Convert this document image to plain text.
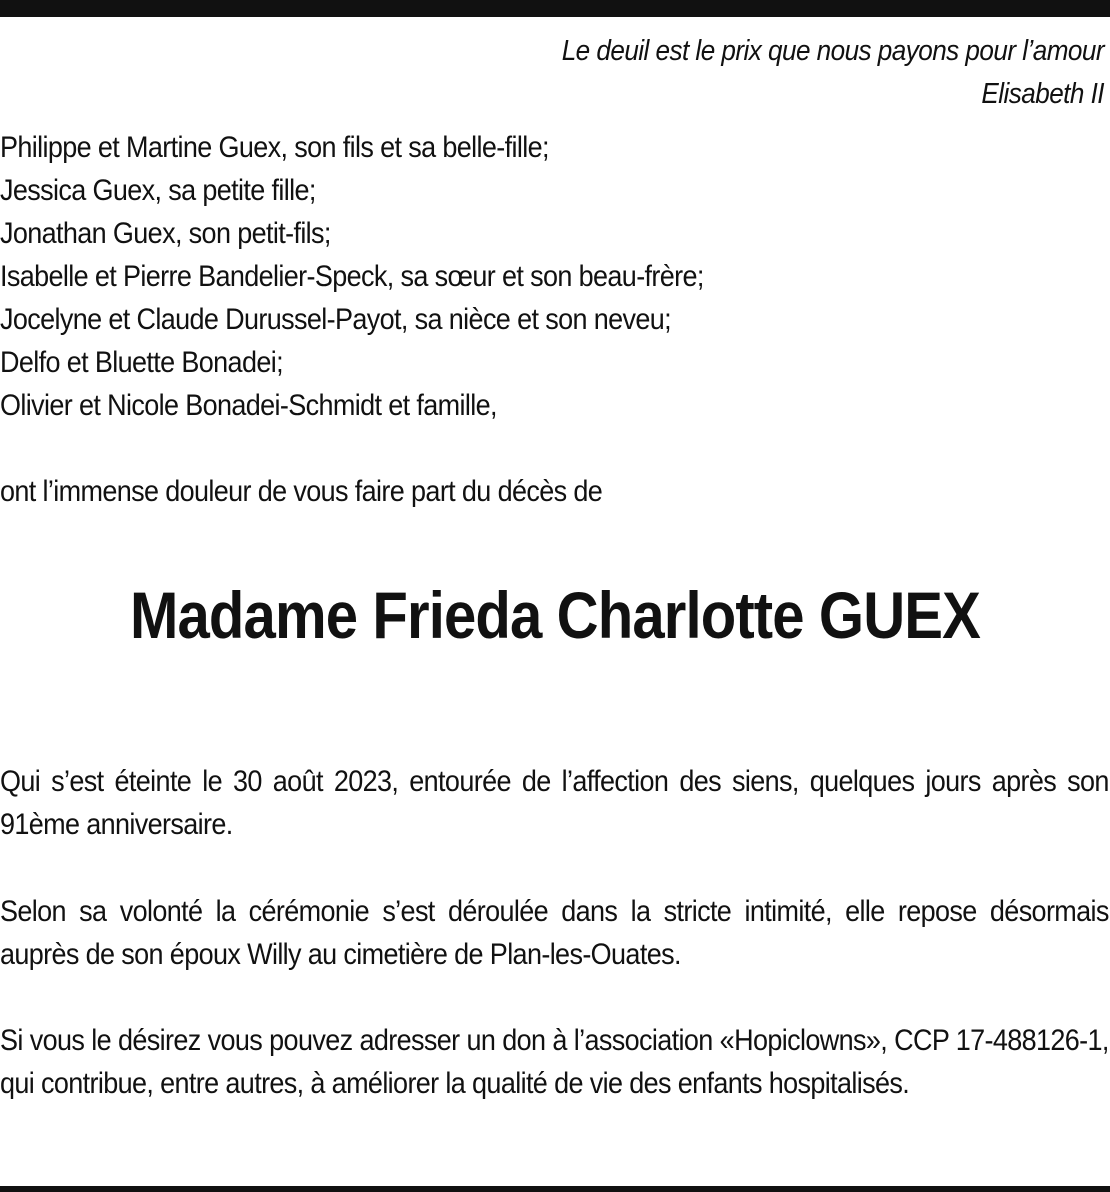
Le deuil est le prix que nous payons pour l’amour
Elisabeth II
Philippe et Martine Guex, son fils et sa belle-fille;
Jessica Guex, sa petite fille;
Jonathan Guex, son petit-fils;
Isabelle et Pierre Bandelier-Speck, sa sœur et son beau-frère;
Jocelyne et Claude Durussel-Payot, sa nièce et son neveu;
Delfo et Bluette Bonadei;
Olivier et Nicole Bonadei-Schmidt et famille,
ont l’immense douleur de vous faire part du décès de
Madame Frieda Charlotte GUEX
Qui s’est éteinte le 30 août 2023, entourée de l’affection des siens, quelques jours après son 91ème anniversaire.
Selon sa volonté la cérémonie s’est déroulée dans la stricte intimité, elle repose désormais auprès de son époux Willy au cimetière de Plan-les-Ouates.
Si vous le désirez vous pouvez adresser un don à l’association «Hopiclowns», CCP 17-488126-1, qui contribue, entre autres, à améliorer la qualité de vie des enfants hospitalisés.
